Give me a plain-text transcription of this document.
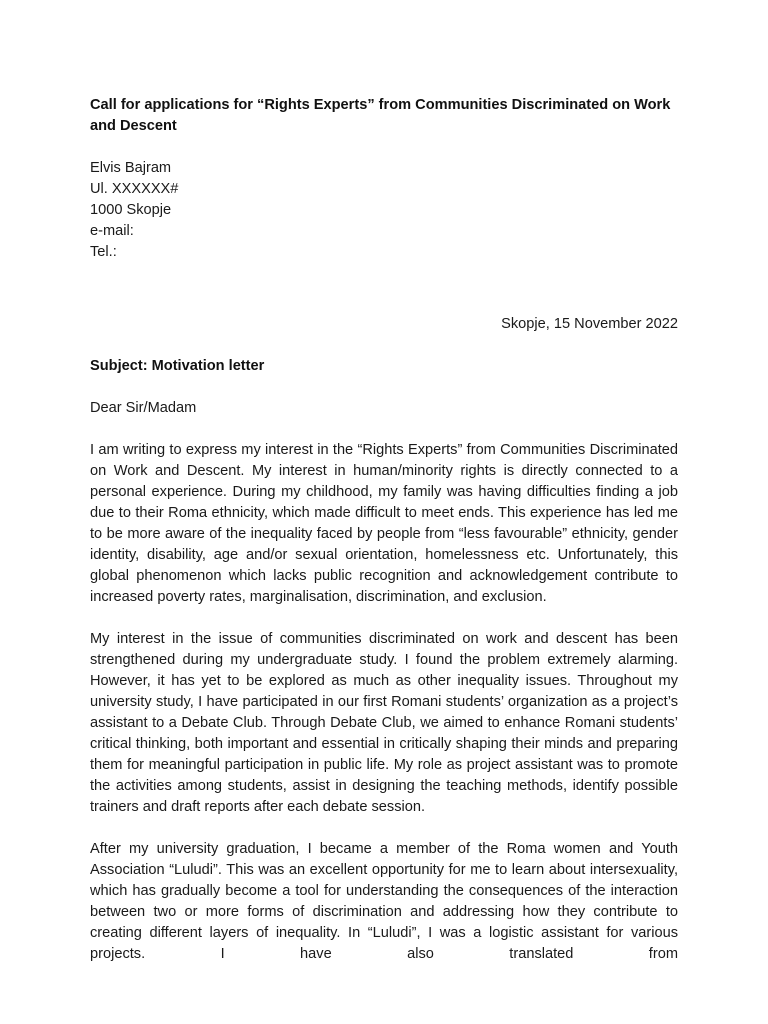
Call for applications for “Rights Experts” from Communities Discriminated on Work and Descent

Elvis Bajram
Ul. XXXXXX#
1000 Skopje
e-mail:
Tel.:
Skopje, 15 November 2022
Subject: Motivation letter
Dear Sir/Madam

I am writing to express my interest in the “Rights Experts” from Communities Discriminated on Work and Descent. My interest in human/minority rights is directly connected to a personal experience. During my childhood, my family was having difficulties finding a job due to their Roma ethnicity, which made difficult to meet ends. This experience has led me to be more aware of the inequality faced by people from “less favourable” ethnicity, gender identity, disability, age and/or sexual orientation, homelessness etc. Unfortunately, this global phenomenon which lacks public recognition and acknowledgement contribute to increased poverty rates, marginalisation, discrimination, and exclusion.

My interest in the issue of communities discriminated on work and descent has been strengthened during my undergraduate study. I found the problem extremely alarming. However, it has yet to be explored as much as other inequality issues. Throughout my university study, I have participated in our first Romani students’ organization as a project’s assistant to a Debate Club. Through Debate Club, we aimed to enhance Romani students’ critical thinking, both important and essential in critically shaping their minds and preparing them for meaningful participation in public life. My role as project assistant was to promote the activities among students, assist in designing the teaching methods, identify possible trainers and draft reports after each debate session.

After my university graduation, I became a member of the Roma women and Youth Association “Luludi”. This was an excellent opportunity for me to learn about intersexuality, which has gradually become a tool for understanding the consequences of the interaction between two or more forms of discrimination and addressing how they contribute to creating different layers of inequality. In “Luludi”, I was a logistic assistant for various projects. I have also translated from
